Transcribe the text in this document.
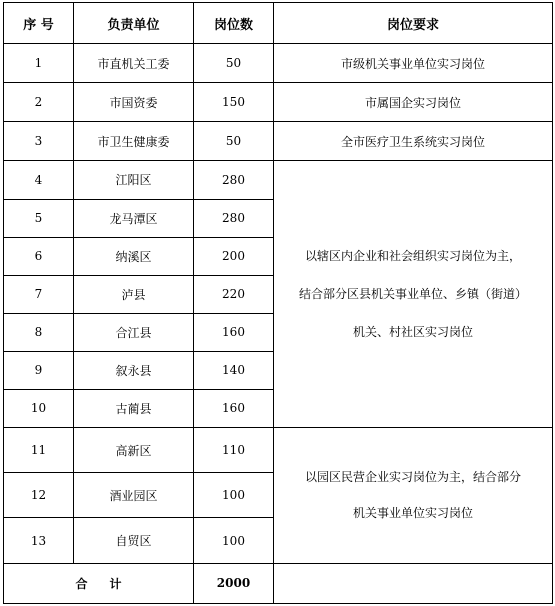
序 号	负责单位	岗位数	岗位要求
1	市直机关工委	50	市级机关事业单位实习岗位
2	市国资委	150	市属国企实习岗位
3	市卫生健康委	50	全市医疗卫生系统实习岗位
4	江阳区	280	以辖区内企业和社会组织实习岗位为主，
结合部分区县机关事业单位、乡镇（街道）
机关、村社区实习岗位

5	龙马潭区	280	
6	纳溪区	200	
7	泸县	220	
8	合江县	160	
9	叙永县	140	
10	古蔺县	160	
11	高新区	110	以园区民营企业实习岗位为主，结合部分
机关事业单位实习岗位

12	酒业园区	100	
13	自贸区	100	
合计		2000	
